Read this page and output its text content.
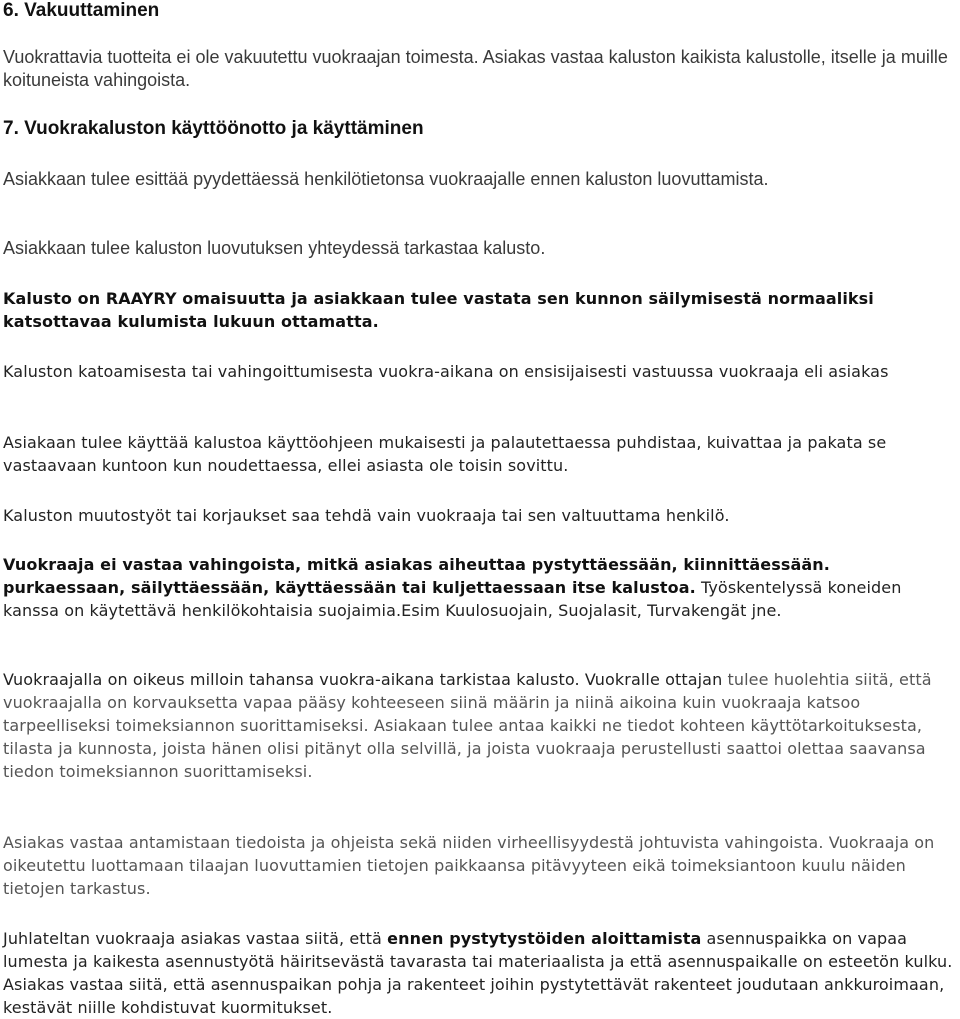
6. Vakuuttaminen

Vuokrattavia tuotteita ei ole vakuutettu vuokraajan toimesta. Asiakas vastaa kaluston kaikista kalustolle, itselle ja muille koituneista vahingoista.

7. Vuokrakaluston käyttöönotto ja käyttäminen

Asiakkaan tulee esittää pyydettäessä henkilötietonsa vuokraajalle ennen kaluston luovuttamista.

Asiakkaan tulee kaluston luovutuksen yhteydessä tarkastaa kalusto.

Kalusto on RAAYRY omaisuutta ja asiakkaan tulee vastata sen kunnon säilymisestä normaaliksi katsottavaa kulumista lukuun ottamatta.

Kaluston katoamisesta tai vahingoittumisesta vuokra-aikana on ensisijaisesti vastuussa vuokraaja eli asiakas

Asiakaan tulee käyttää kalustoa käyttöohjeen mukaisesti ja palautettaessa puhdistaa, kuivattaa ja pakata se vastaavaan kuntoon kun noudettaessa, ellei asiasta ole toisin sovittu.

Kaluston muutostyöt tai korjaukset saa tehdä vain vuokraaja tai sen valtuuttama henkilö.

Vuokraaja ei vastaa vahingoista, mitkä asiakas aiheuttaa pystyttäessään, kiinnittäessään. purkaessaan, säilyttäessään, käyttäessään tai kuljettaessaan itse kalustoa. Työskentelyssä koneiden kanssa on käytettävä henkilökohtaisia suojaimia.Esim Kuulosuojain, Suojalasit, Turvakengät jne.

Vuokraajalla on oikeus milloin tahansa vuokra-aikana tarkistaa kalusto. Vuokralle ottajan tulee huolehtia siitä, että vuokraajalla on korvauksetta vapaa pääsy kohteeseen siinä määrin ja niinä aikoina kuin vuokraaja katsoo tarpeelliseksi toimeksiannon suorittamiseksi. Asiakaan tulee antaa kaikki ne tiedot kohteen käyttötarkoituksesta, tilasta ja kunnosta, joista hänen olisi pitänyt olla selvillä, ja joista vuokraaja perustellusti saattoi olettaa saavansa tiedon toimeksiannon suorittamiseksi.

Asiakas vastaa antamistaan tiedoista ja ohjeista sekä niiden virheellisyydestä johtuvista vahingoista. Vuokraaja on oikeutettu luottamaan tilaajan luovuttamien tietojen paikkaansa pitävyyteen eikä toimeksiantoon kuulu näiden tietojen tarkastus.

Juhlateltan vuokraaja asiakas vastaa siitä, että ennen pystytystöiden aloittamista asennuspaikka on vapaa lumesta ja kaikesta asennustyötä häiritsevästä tavarasta tai materiaalista ja että asennuspaikalle on esteetön kulku. Asiakas vastaa siitä, että asennuspaikan pohja ja rakenteet joihin pystytettävät rakenteet joudutaan ankkuroimaan, kestävät niille kohdistuvat kuormitukset.
